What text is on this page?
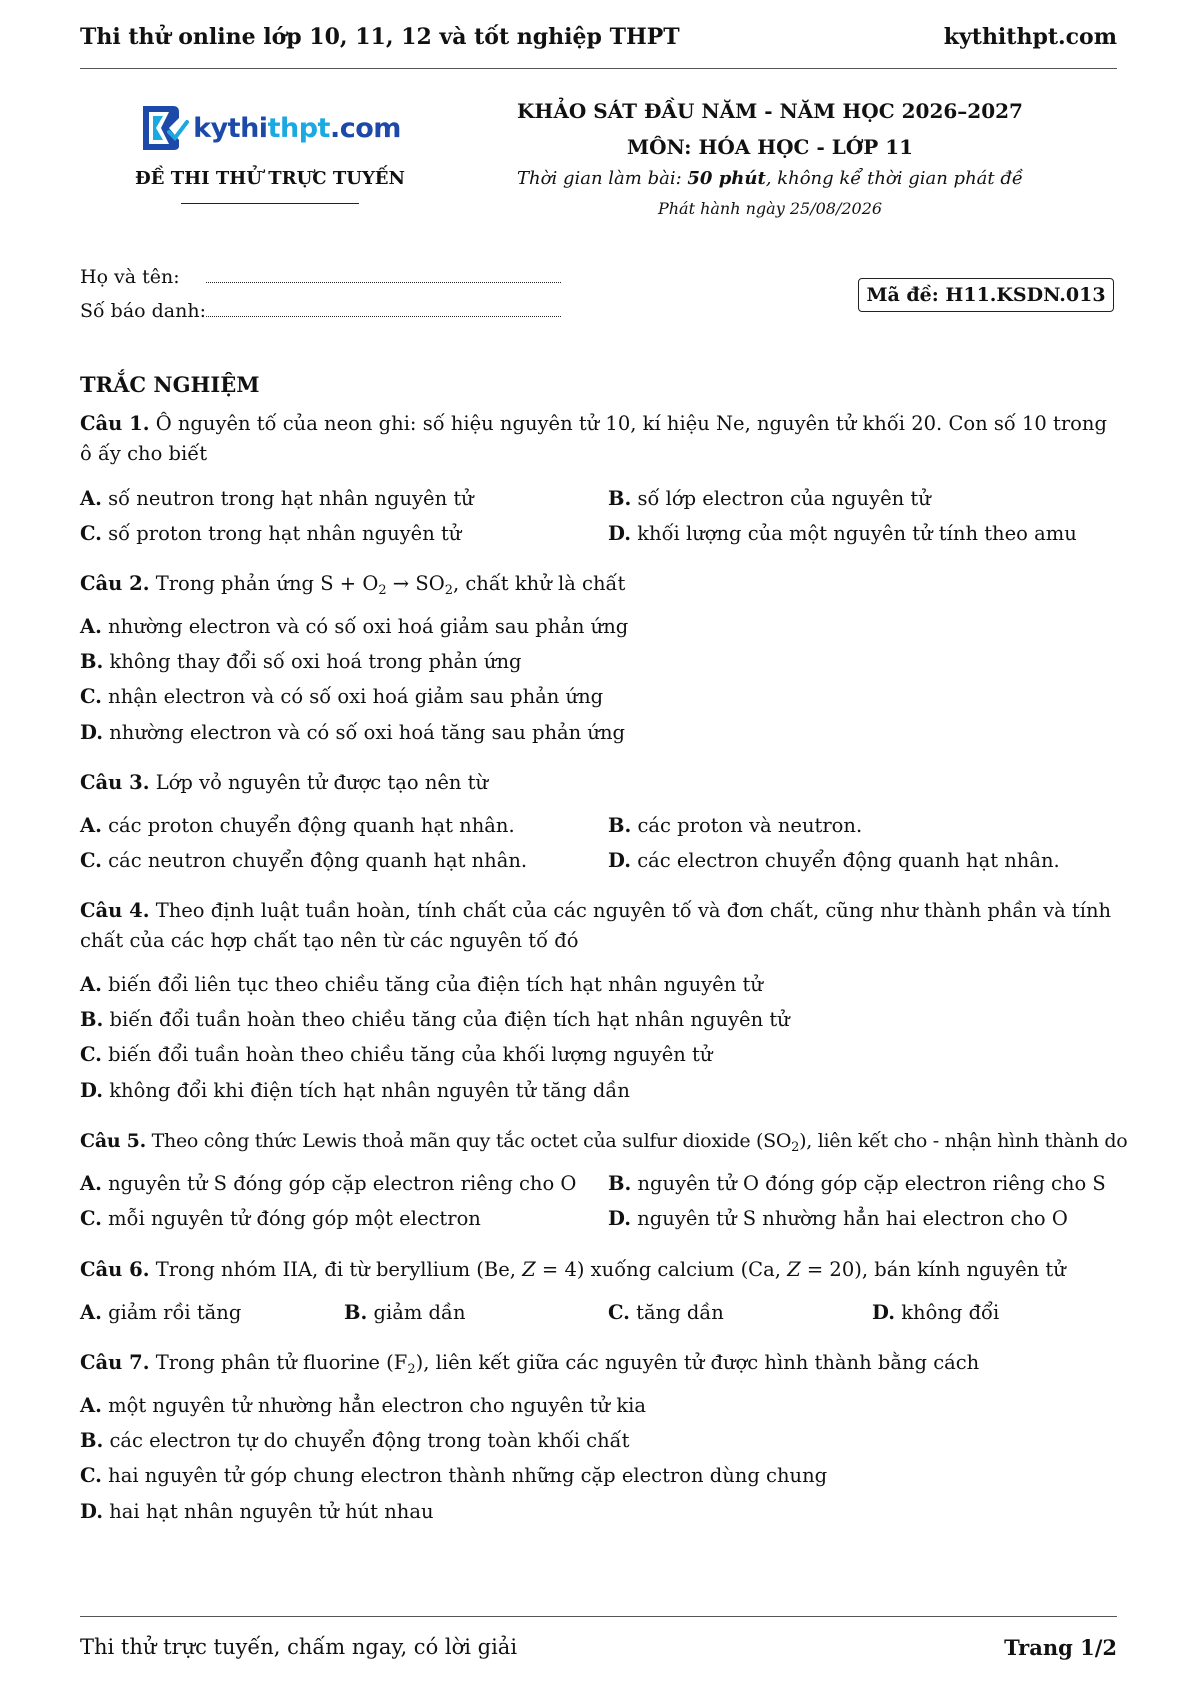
Thi thử online lớp 10, 11, 12 và tốt nghiệp THPT	kythithpt.com
kythithpt.com
ĐỀ THI THỬ TRỰC TUYẾN
KHẢO SÁT ĐẦU NĂM - NĂM HỌC 2026–2027
MÔN: HÓA HỌC - LỚP 11
Thời gian làm bài: 50 phút, không kể thời gian phát đề
Phát hành ngày 25/08/2026
Họ và tên:
Số báo danh:
Mã đề: H11.KSDN.013
TRẮC NGHIỆM
Câu 1. Ô nguyên tố của neon ghi: số hiệu nguyên tử 10, kí hiệu Ne, nguyên tử khối 20. Con số 10 trong ô ấy cho biết
A. số neutron trong hạt nhân nguyên tử	B. số lớp electron của nguyên tử
C. số proton trong hạt nhân nguyên tử	D. khối lượng của một nguyên tử tính theo amu
Câu 2. Trong phản ứng $S + O_2 \to SO_2$, chất khử là chất
A. nhường electron và có số oxi hoá giảm sau phản ứng
B. không thay đổi số oxi hoá trong phản ứng
C. nhận electron và có số oxi hoá giảm sau phản ứng
D. nhường electron và có số oxi hoá tăng sau phản ứng
Câu 3. Lớp vỏ nguyên tử được tạo nên từ
A. các proton chuyển động quanh hạt nhân.	B. các proton và neutron.
C. các neutron chuyển động quanh hạt nhân.	D. các electron chuyển động quanh hạt nhân.
Câu 4. Theo định luật tuần hoàn, tính chất của các nguyên tố và đơn chất, cũng như thành phần và tính chất của các hợp chất tạo nên từ các nguyên tố đó
A. biến đổi liên tục theo chiều tăng của điện tích hạt nhân nguyên tử
B. biến đổi tuần hoàn theo chiều tăng của điện tích hạt nhân nguyên tử
C. biến đổi tuần hoàn theo chiều tăng của khối lượng nguyên tử
D. không đổi khi điện tích hạt nhân nguyên tử tăng dần
Câu 5. Theo công thức Lewis thoả mãn quy tắc octet của sulfur dioxide $(SO_2)$, liên kết cho - nhận hình thành do
A. nguyên tử S đóng góp cặp electron riêng cho O B. nguyên tử O đóng góp cặp electron riêng cho S
C. mỗi nguyên tử đóng góp một electron	D. nguyên tử S nhường hẳn hai electron cho O
Câu 6. Trong nhóm IIA, đi từ beryllium (Be, Z = 4) xuống calcium (Ca, Z = 20), bán kính nguyên tử
A. giảm rồi tăng	B. giảm dần	C. tăng dần	D. không đổi
Câu 7. Trong phân tử fluorine $(F_2)$, liên kết giữa các nguyên tử được hình thành bằng cách
A. một nguyên tử nhường hẳn electron cho nguyên tử kia
B. các electron tự do chuyển động trong toàn khối chất
C. hai nguyên tử góp chung electron thành những cặp electron dùng chung
D. hai hạt nhân nguyên tử hút nhau
Thi thử trực tuyến, chấm ngay, có lời giải	Trang 1/2
